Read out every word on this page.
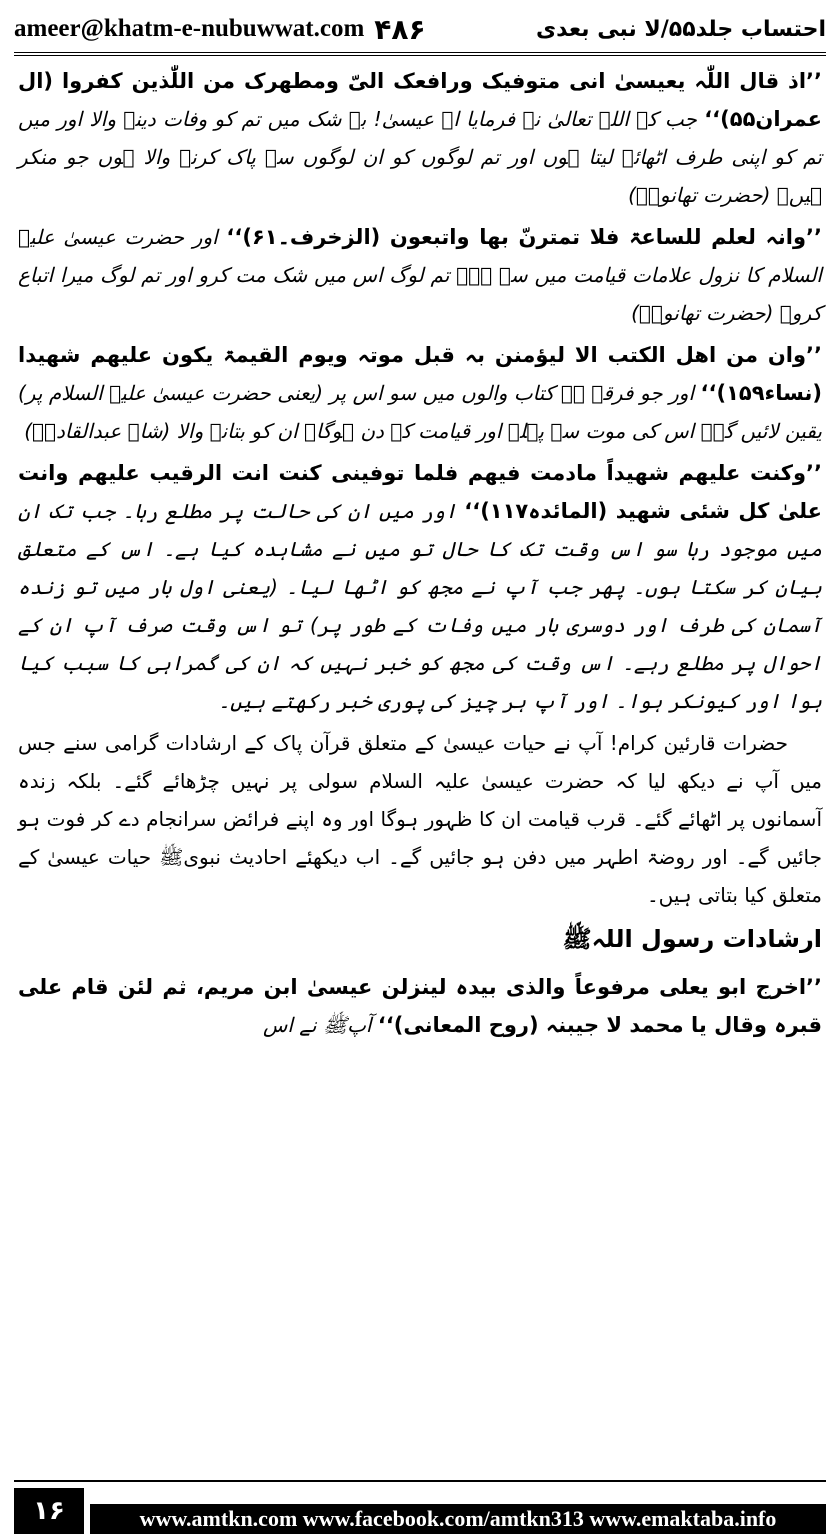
ameer@khatm-e-nubuwwat.com ۴۸۶	احتساب جلد۵۵/لا نبی بعدی

’’اذ قال اللّٰہ یعیسیٰ انی متوفیک ورافعک الیّ ومطھرک من اللّٰذین کفروا (ال عمران۵۵)‘‘ جب کہ اللہ تعالیٰ نے فرمایا اے عیسیٰ! بے شک میں تم کو وفات دینے والا اور میں تم کو اپنی طرف اٹھائے لیتا ہوں اور تم لوگوں کو ان لوگوں سے پاک کرنے والا ہوں جو منکر ہیں۔ (حضرت تھانویؒ)

’’وانہ لعلم للساعۃ فلا تمترنّ بھا واتبعون (الزخرف۔۶۱)‘‘ اور حضرت عیسیٰ علیہ السلام کا نزول علامات قیامت میں سے ہے۔ تم لوگ اس میں شک مت کرو اور تم لوگ میرا اتباع کرو۔ (حضرت تھانویؒ)

’’وان من اھل الکتب الا لیؤمنن بہ قبل موتہ ویوم القیمۃ یکون علیھم شھیدا (نساء۱۵۹)‘‘ اور جو فرقہ ہے کتاب والوں میں سو اس پر (یعنی حضرت عیسیٰ علیہ السلام پر) یقین لائیں گے۔ اس کی موت سے پہلے اور قیامت کے دن ہوگا۔ ان کو بتانے والا (شاہ عبدالقادرؒ)

’’وکنت علیھم شھیداً مادمت فیھم فلما توفینی کنت انت الرقیب علیھم وانت علیٰ کل شئی شھید (المائدہ۱۱۷)‘‘ اور میں ان کی حالت پر مطلع رہا۔ جب تک ان میں موجود رہا سو اس وقت تک کا حال تو میں نے مشاہدہ کیا ہے۔ اس کے متعلق بیان کر سکتا ہوں۔ پھر جب آپ نے مجھ کو اٹھا لیا۔ (یعنی اول بار میں تو زندہ آسمان کی طرف اور دوسری بار میں وفات کے طور پر) تو اس وقت صرف آپ ان کے احوال پر مطلع رہے۔ اس وقت کی مجھ کو خبر نہیں کہ ان کی گمراہی کا سبب کیا ہوا اور کیونکر ہوا۔ اور آپ ہر چیز کی پوری خبر رکھتے ہیں۔

حضرات قارئین کرام! آپ نے حیات عیسیٰ کے متعلق قرآن پاک کے ارشادات گرامی سنے جس میں آپ نے دیکھ لیا کہ حضرت عیسیٰ علیہ السلام سولی پر نہیں چڑھائے گئے۔ بلکہ زندہ آسمانوں پر اٹھائے گئے۔ قرب قیامت ان کا ظہور ہوگا اور وہ اپنے فرائض سرانجام دے کر فوت ہو جائیں گے۔ اور روضۃ اطہر میں دفن ہو جائیں گے۔ اب دیکھئے احادیث نبویﷺ حیات عیسیٰ کے متعلق کیا بتاتی ہیں۔

ارشادات رسول اللہﷺ

’’اخرج ابو یعلی مرفوعاً والذی بیدہ لینزلن عیسیٰ ابن مریم، ثم لئن قام علی قبرہ وقال یا محمد لا جیبنہ (روح المعانی)‘‘ آپﷺ نے اس

۱۶	www.amtkn.com www.facebook.com/amtkn313 www.emaktaba.info
